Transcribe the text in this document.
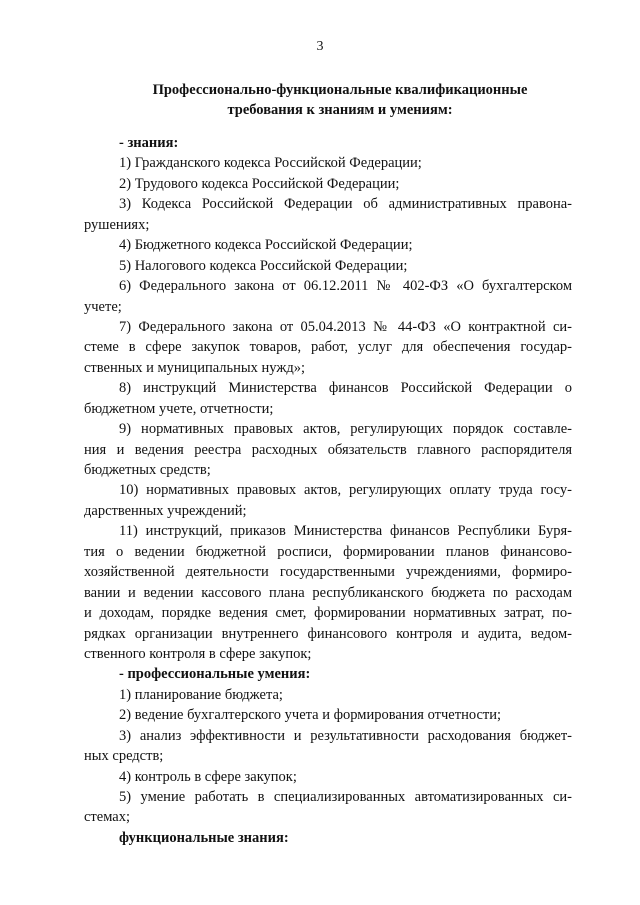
3
Профессионально-функциональные квалификационные
требования к знаниям и умениям:
- знания:
1) Гражданского кодекса Российской Федерации;
2) Трудового кодекса Российской Федерации;
3) Кодекса Российской Федерации об административных правона-
рушениях;
4) Бюджетного кодекса Российской Федерации;
5) Налогового кодекса Российской Федерации;
6) Федерального закона от 06.12.2011 № 402-ФЗ «О бухгалтерском
учете;
7) Федерального закона от 05.04.2013 № 44-ФЗ «О контрактной си-
стеме в сфере закупок товаров, работ, услуг для обеспечения государ-
ственных и муниципальных нужд»;
8) инструкций Министерства финансов Российской Федерации о
бюджетном учете, отчетности;
9) нормативных правовых актов, регулирующих порядок составле-
ния и ведения реестра расходных обязательств главного распорядителя
бюджетных средств;
10) нормативных правовых актов, регулирующих оплату труда госу-
дарственных учреждений;
11) инструкций, приказов Министерства финансов Республики Буря-
тия о ведении бюджетной росписи, формировании планов финансово-
хозяйственной деятельности государственными учреждениями, формиро-
вании и ведении кассового плана республиканского бюджета по расходам
и доходам, порядке ведения смет, формировании нормативных затрат, по-
рядках организации внутреннего финансового контроля и аудита, ведом-
ственного контроля в сфере закупок;
- профессиональные умения:
1) планирование бюджета;
2) ведение бухгалтерского учета и формирования отчетности;
3) анализ эффективности и результативности расходования бюджет-
ных средств;
4) контроль в сфере закупок;
5) умение работать в специализированных автоматизированных си-
стемах;
функциональные знания:
